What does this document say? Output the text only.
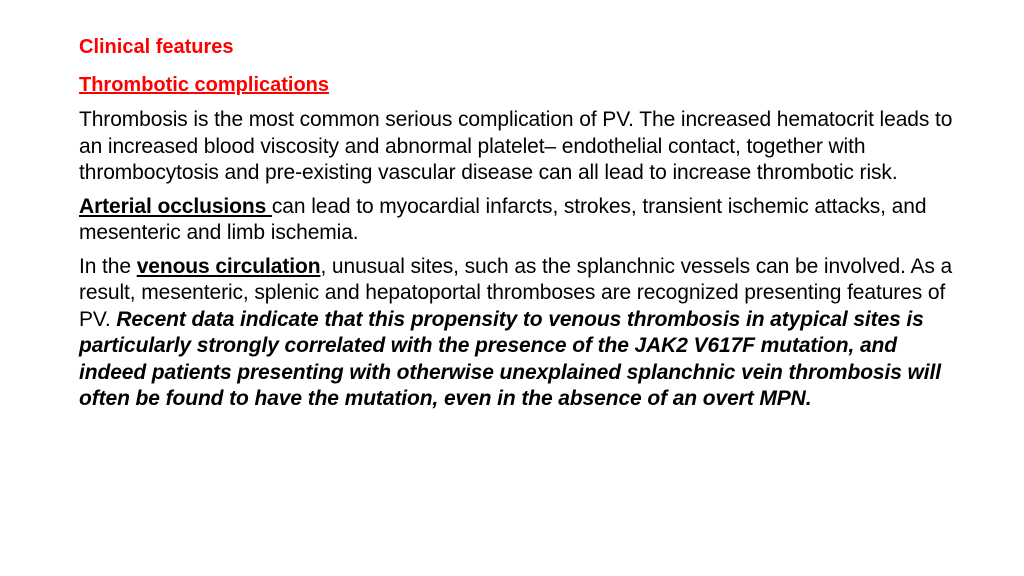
Clinical features

Thrombotic complications

Thrombosis is the most common serious complication of PV. The increased hematocrit leads to an increased blood viscosity and abnormal platelet– endothelial contact, together with thrombocytosis and pre-existing vascular disease can all lead to increase thrombotic risk.

Arterial occlusions can lead to myocardial infarcts, strokes, transient ischemic attacks, and mesenteric and limb ischemia.

In the venous circulation, unusual sites, such as the splanchnic vessels can be involved. As a result, mesenteric, splenic and hepatoportal thromboses are recognized presenting features of PV. Recent data indicate that this propensity to venous thrombosis in atypical sites is particularly strongly correlated with the presence of the JAK2 V617F mutation, and indeed patients presenting with otherwise unexplained splanchnic vein thrombosis will often be found to have the mutation, even in the absence of an overt MPN.
